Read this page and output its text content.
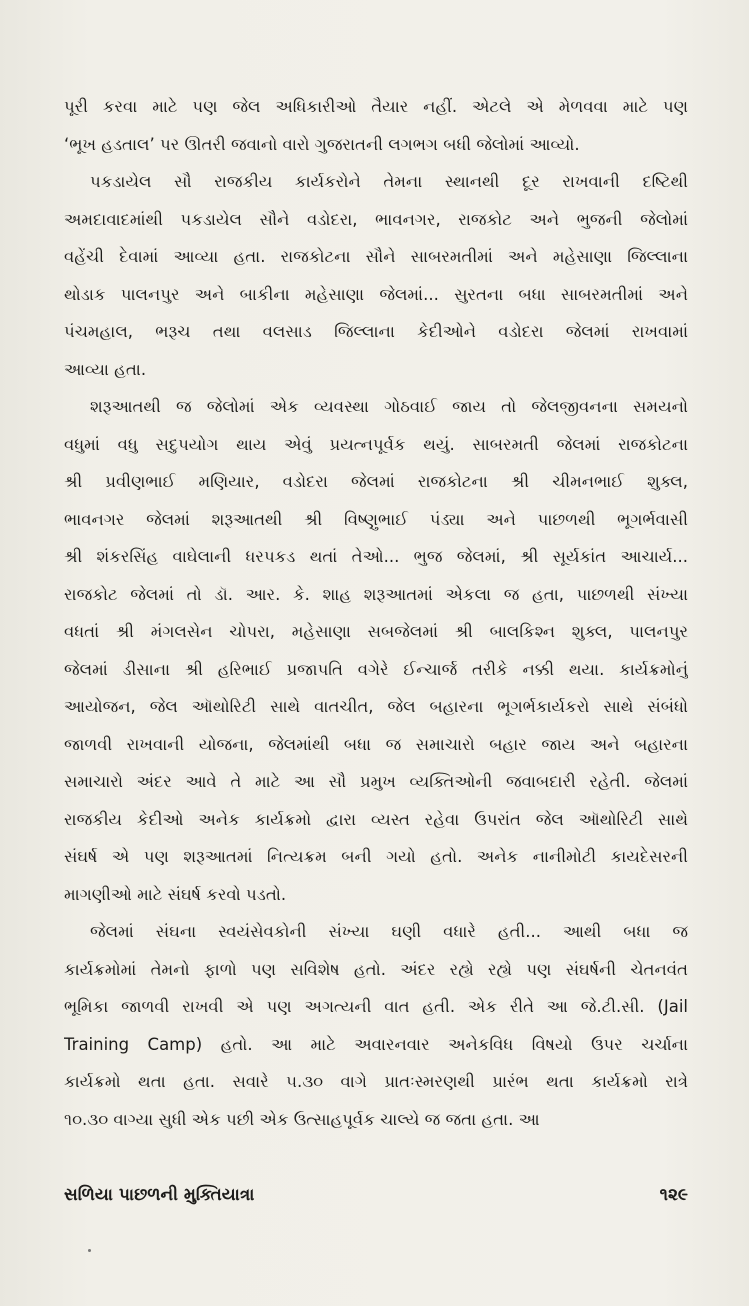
પૂરી કરવા માટે પણ જેલ અધિકારીઓ તૈયાર નહીં. એટલે એ મેળવવા માટે પણ
‘ભૂખ હડતાલ’ પર ઊતરી જવાનો વારો ગુજરાતની લગભગ બધી જેલોમાં આવ્યો.
પકડાયેલ સૌ રાજકીય કાર્યકરોને તેમના સ્થાનથી દૂર રાખવાની દષ્ટિથી
અમદાવાદમાંથી પકડાયેલ સૌને વડોદરા, ભાવનગર, રાજકોટ અને ભુજની જેલોમાં
વહેંચી દેવામાં આવ્યા હતા. રાજકોટના સૌને સાબરમતીમાં અને મહેસાણા જિલ્લાના
થોડાક પાલનપુર અને બાકીના મહેસાણા જેલમાં... સુરતના બધા સાબરમતીમાં અને
પંચમહાલ, ભરૂચ તથા વલસાડ જિલ્લાના કેદીઓને વડોદરા જેલમાં રાખવામાં
આવ્યા હતા.
શરૂઆતથી જ જેલોમાં એક વ્યવસ્થા ગોઠવાઈ જાય તો જેલજીવનના સમયનો
વધુમાં વધુ સદુપયોગ થાય એવું પ્રયત્નપૂર્વક થયું. સાબરમતી જેલમાં રાજકોટના
શ્રી પ્રવીણભાઈ મણિયાર, વડોદરા જેલમાં રાજકોટના શ્રી ચીમનભાઈ શુક્લ,
ભાવનગર જેલમાં શરૂઆતથી શ્રી વિષ્ણુભાઈ પંડ્યા અને પાછળથી ભૂગર્ભવાસી
શ્રી શંકરસિંહ વાઘેલાની ધરપકડ થતાં તેઓ... ભુજ જેલમાં, શ્રી સૂર્યકાંત આચાર્ય...
રાજકોટ જેલમાં તો ડૉ. આર. કે. શાહ શરૂઆતમાં એકલા જ હતા, પાછળથી સંખ્યા
વધતાં શ્રી મંગલસેન ચોપરા, મહેસાણા સબજેલમાં શ્રી બાલકિશ્ન શુક્લ, પાલનપુર
જેલમાં ડીસાના શ્રી હરિભાઈ પ્રજાપતિ વગેરે ઈન્ચાર્જ તરીકે નક્કી થયા. કાર્યક્રમોનું
આયોજન, જેલ ઑથોરિટી સાથે વાતચીત, જેલ બહારના ભૂગર્ભકાર્યકરો સાથે સંબંધો
જાળવી રાખવાની યોજના, જેલમાંથી બધા જ સમાચારો બહાર જાય અને બહારના
સમાચારો અંદર આવે તે માટે આ સૌ પ્રમુખ વ્યક્તિઓની જવાબદારી રહેતી. જેલમાં
રાજકીય કેદીઓ અનેક કાર્યક્રમો દ્વારા વ્યસ્ત રહેવા ઉપરાંત જેલ ઑથોરિટી સાથે
સંઘર્ષ એ પણ શરૂઆતમાં નિત્યક્રમ બની ગયો હતો. અનેક નાનીમોટી કાયદેસરની
માગણીઓ માટે સંઘર્ષ કરવો પડતો.
જેલમાં સંઘના સ્વયંસેવકોની સંખ્યા ઘણી વધારે હતી... આથી બધા જ
કાર્યક્રમોમાં તેમનો ફાળો પણ સવિશેષ હતો. અંદર રહ્યે રહ્યે પણ સંઘર્ષની ચેતનવંત
ભૂમિકા જાળવી રાખવી એ પણ અગત્યની વાત હતી. એક રીતે આ જે.ટી.સી. (Jail
Training Camp) હતો. આ માટે અવારનવાર અનેકવિધ વિષયો ઉપર ચર્ચાના
કાર્યક્રમો થતા હતા. સવારે ૫.૩૦ વાગે પ્રાતઃસ્મરણથી પ્રારંભ થતા કાર્યક્રમો રાત્રે
૧૦.૩૦ વાગ્યા સુધી એક પછી એક ઉત્સાહપૂર્વક ચાલ્યે જ જતા હતા. આ
સળિયા પાછળની મુક્તિયાત્રા	૧૨૯
